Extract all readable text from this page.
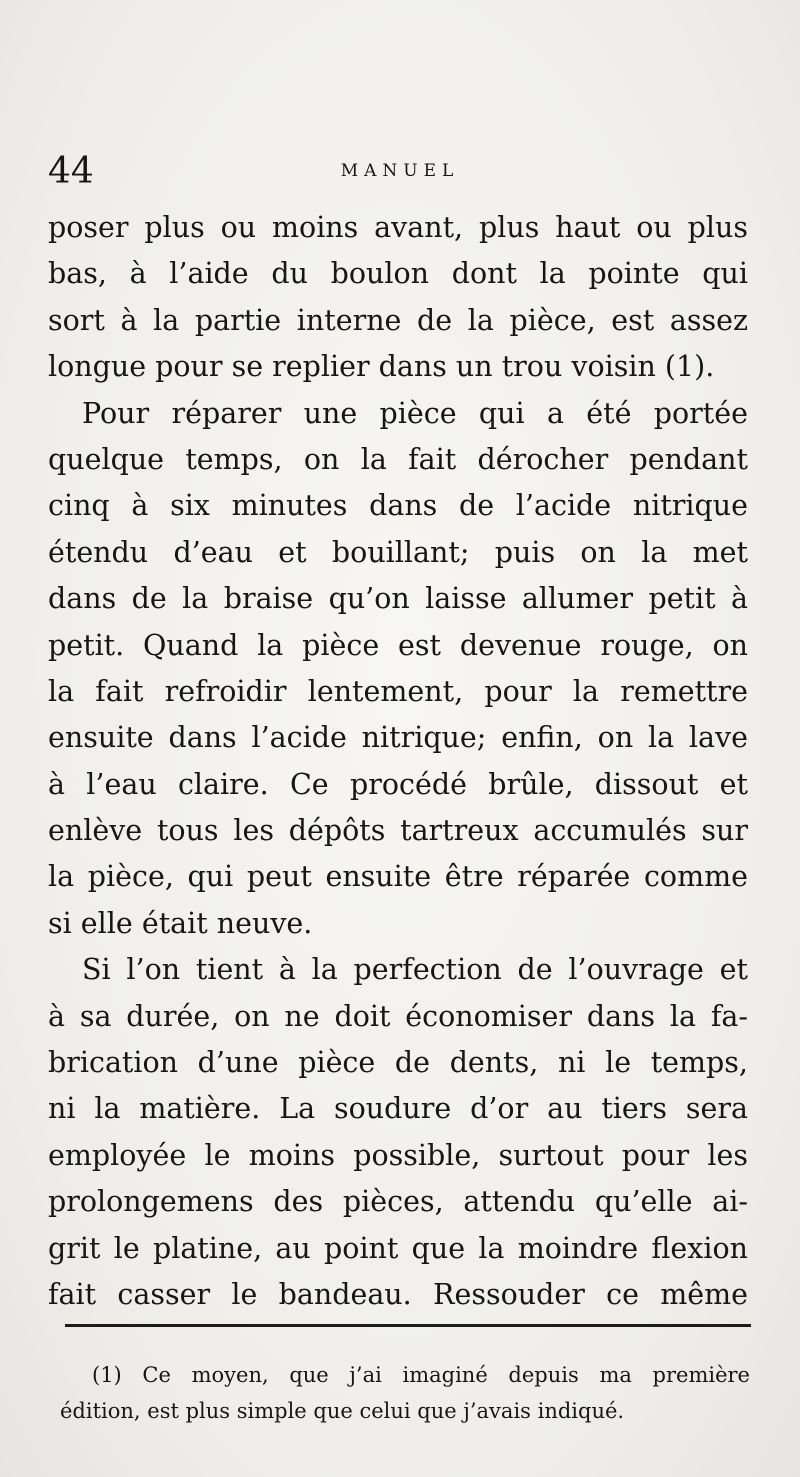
44	MANUEL
poser plus ou moins avant, plus haut ou plus
bas, à l’aide du boulon dont la pointe qui
sort à la partie interne de la pièce, est assez
longue pour se replier dans un trou voisin (1).
Pour réparer une pièce qui a été portée
quelque temps, on la fait dérocher pendant
cinq à six minutes dans de l’acide nitrique
étendu d’eau et bouillant; puis on la met
dans de la braise qu’on laisse allumer petit à
petit. Quand la pièce est devenue rouge, on
la fait refroidir lentement, pour la remettre
ensuite dans l’acide nitrique; enfin, on la lave
à l’eau claire. Ce procédé brûle, dissout et
enlève tous les dépôts tartreux accumulés sur
la pièce, qui peut ensuite être réparée comme
si elle était neuve.
Si l’on tient à la perfection de l’ouvrage et
à sa durée, on ne doit économiser dans la fa-
brication d’une pièce de dents, ni le temps,
ni la matière. La soudure d’or au tiers sera
employée le moins possible, surtout pour les
prolongemens des pièces, attendu qu’elle ai-
grit le platine, au point que la moindre flexion
fait casser le bandeau. Ressouder ce même
(1) Ce moyen, que j’ai imaginé depuis ma première
édition, est plus simple que celui que j’avais indiqué.
